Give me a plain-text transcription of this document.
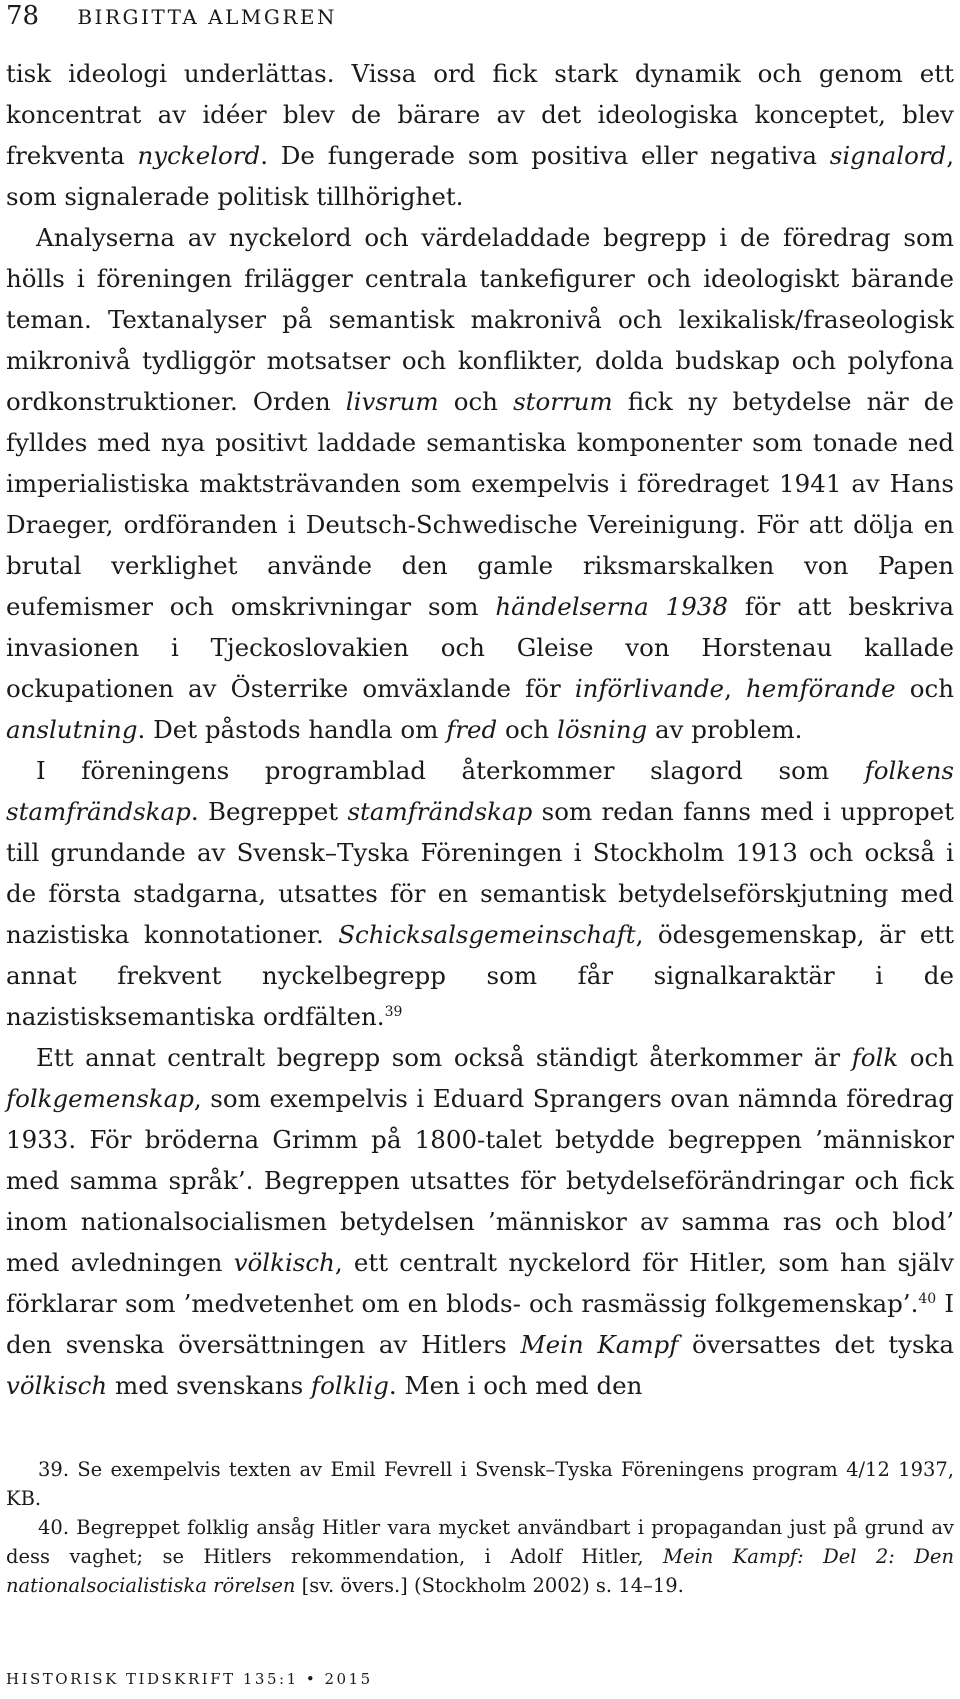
78 BIRGITTA ALMGREN

tisk ideologi underlättas. Vissa ord fick stark dynamik och genom ett koncentrat av idéer blev de bärare av det ideologiska konceptet, blev frekventa nyckelord. De fungerade som positiva eller negativa signalord, som signalerade politisk tillhörighet.

Analyserna av nyckelord och värdeladdade begrepp i de föredrag som hölls i föreningen frilägger centrala tankefigurer och ideologiskt bärande teman. Textanalyser på semantisk makronivå och lexikalisk/fraseologisk mikronivå tydliggör motsatser och konflikter, dolda budskap och polyfona ordkonstruktioner. Orden livsrum och storrum fick ny betydelse när de fylldes med nya positivt laddade semantiska komponenter som tonade ned imperialistiska maktsträvanden som exempelvis i föredraget 1941 av Hans Draeger, ordföranden i Deutsch-Schwedische Vereinigung. För att dölja en brutal verklighet använde den gamle riksmarskalken von Papen eufemismer och omskrivningar som händelserna 1938 för att beskriva invasionen i Tjeckoslovakien och Gleise von Horstenau kallade ockupationen av Österrike omväxlande för införlivande, hemförande och anslutning. Det påstods handla om fred och lösning av problem.

I föreningens programblad återkommer slagord som folkens stamfrändskap. Begreppet stamfrändskap som redan fanns med i uppropet till grundande av Svensk–Tyska Föreningen i Stockholm 1913 och också i de första stadgarna, utsattes för en semantisk betydelseförskjutning med nazistiska konnotationer. Schicksalsgemeinschaft, ödesgemenskap, är ett annat frekvent nyckelbegrepp som får signalkaraktär i de nazistisksemantiska ordfälten.$^{39}$

Ett annat centralt begrepp som också ständigt återkommer är folk och folkgemenskap, som exempelvis i Eduard Sprangers ovan nämnda föredrag 1933. För bröderna Grimm på 1800-talet betydde begreppen ’människor med samma språk’. Begreppen utsattes för betydelseförändringar och fick inom nationalsocialismen betydelsen ’människor av samma ras och blod’ med avledningen völkisch, ett centralt nyckelord för Hitler, som han själv förklarar som ’medvetenhet om en blods- och rasmässig folkgemenskap’.$^{40}$ I den svenska översättningen av Hitlers Mein Kampf översattes det tyska völkisch med svenskans folklig. Men i och med den

39. Se exempelvis texten av Emil Fevrell i Svensk–Tyska Föreningens program 4/12 1937, KB.

40. Begreppet folklig ansåg Hitler vara mycket användbart i propagandan just på grund av dess vaghet; se Hitlers rekommendation, i Adolf Hitler, Mein Kampf: Del 2: Den nationalsocialistiska rörelsen [sv. övers.] (Stockholm 2002) s. 14–19.

HISTORISK TIDSKRIFT 135:1 • 2015
